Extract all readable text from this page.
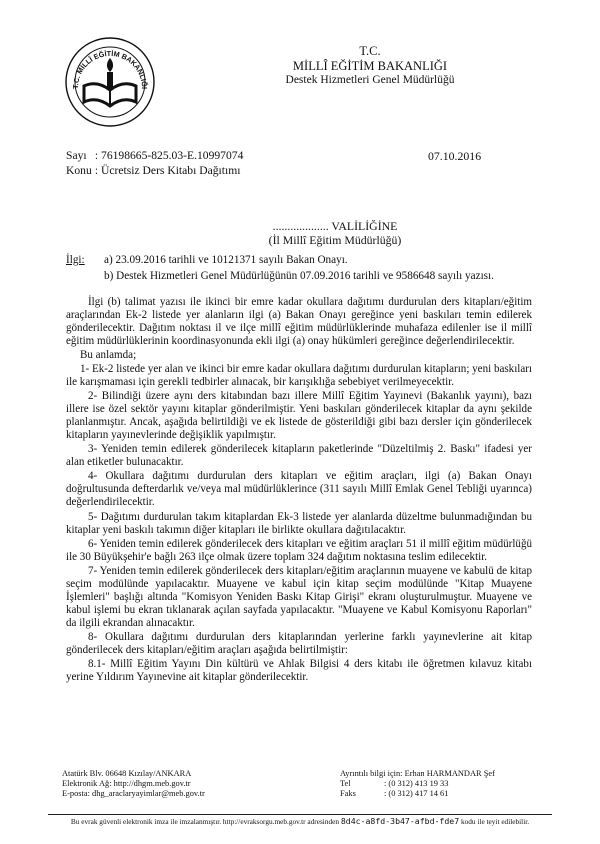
T.C. MİLLÎ EĞİTİM BAKANLIĞI
T.C.
MİLLÎ EĞİTİM BAKANLIĞI
Destek Hizmetleri Genel Müdürlüğü
Sayı : 76198665-825.03-E.10997074
Konu : Ücretsiz Ders Kitabı Dağıtımı
07.10.2016
................... VALİLİĞİNE
(İl Millî Eğitim Müdürlüğü)
İlgi: a) 23.09.2016 tarihli ve 10121371 sayılı Bakan Onayı.
b) Destek Hizmetleri Genel Müdürlüğünün 07.09.2016 tarihli ve 9586648 sayılı yazısı.

İlgi (b) talimat yazısı ile ikinci bir emre kadar okullara dağıtımı durdurulan ders kitapları/eğitim araçlarından Ek-2 listede yer alanların ilgi (a) Bakan Onayı gereğince yeni baskıları temin edilerek gönderilecektir. Dağıtım noktası il ve ilçe millî eğitim müdürlüklerinde muhafaza edilenler ise il millî eğitim müdürlüklerinin koordinasyonunda ekli ilgi (a) onay hükümleri gereğince değerlendirilecektir.

Bu anlamda;

1- Ek-2 listede yer alan ve ikinci bir emre kadar okullara dağıtımı durdurulan kitapların; yeni baskıları ile karışmaması için gerekli tedbirler alınacak, bir karışıklığa sebebiyet verilmeyecektir.

2- Bilindiği üzere aynı ders kitabından bazı illere Millî Eğitim Yayınevi (Bakanlık yayını), bazı illere ise özel sektör yayını kitaplar gönderilmiştir. Yeni baskıları gönderilecek kitaplar da aynı şekilde planlanmıştır. Ancak, aşağıda belirtildiği ve ek listede de gösterildiği gibi bazı dersler için gönderilecek kitapların yayınevlerinde değişiklik yapılmıştır.

3- Yeniden temin edilerek gönderilecek kitapların paketlerinde "Düzeltilmiş 2. Baskı" ifadesi yer alan etiketler bulunacaktır.

4- Okullara dağıtımı durdurulan ders kitapları ve eğitim araçları, ilgi (a) Bakan Onayı doğrultusunda defterdarlık ve/veya mal müdürlüklerince (311 sayılı Millî Emlak Genel Tebliği uyarınca) değerlendirilecektir.

5- Dağıtımı durdurulan takım kitaplardan Ek-3 listede yer alanlarda düzeltme bulunmadığından bu kitaplar yeni baskılı takımın diğer kitapları ile birlikte okullara dağıtılacaktır.

6- Yeniden temin edilerek gönderilecek ders kitapları ve eğitim araçları 51 il millî eğitim müdürlüğü ile 30 Büyükşehir'e bağlı 263 ilçe olmak üzere toplam 324 dağıtım noktasına teslim edilecektir.

7- Yeniden temin edilerek gönderilecek ders kitapları/eğitim araçlarının muayene ve kabulü de kitap seçim modülünde yapılacaktır. Muayene ve kabul için kitap seçim modülünde "Kitap Muayene İşlemleri" başlığı altında "Komisyon Yeniden Baskı Kitap Girişi" ekranı oluşturulmuştur. Muayene ve kabul işlemi bu ekran tıklanarak açılan sayfada yapılacaktır. "Muayene ve Kabul Komisyonu Raporları" da ilgili ekrandan alınacaktır.

8- Okullara dağıtımı durdurulan ders kitaplarından yerlerine farklı yayınevlerine ait kitap gönderilecek ders kitapları/eğitim araçları aşağıda belirtilmiştir:

8.1- Millî Eğitim Yayını Din kültürü ve Ahlak Bilgisi 4 ders kitabı ile öğretmen kılavuz kitabı yerine Yıldırım Yayınevine ait kitaplar gönderilecektir.

Atatürk Blv. 06648 Kızılay/ANKARA
Elektronik Ağ: http://dhgm.meb.gov.tr
E-posta: dhg_araclaryayimlar@meb.gov.tr
Ayrıntılı bilgi için: Erhan HARMANDAR Şef
Tel	: (0 312) 413 19 33
Faks	: (0 312) 417 14 61
Bu evrak güvenli elektronik imza ile imzalanmıştır. http://evraksorgu.meb.gov.tr adresinden 8d4c-a8fd-3b47-afbd-fde7 kodu ile teyit edilebilir.
